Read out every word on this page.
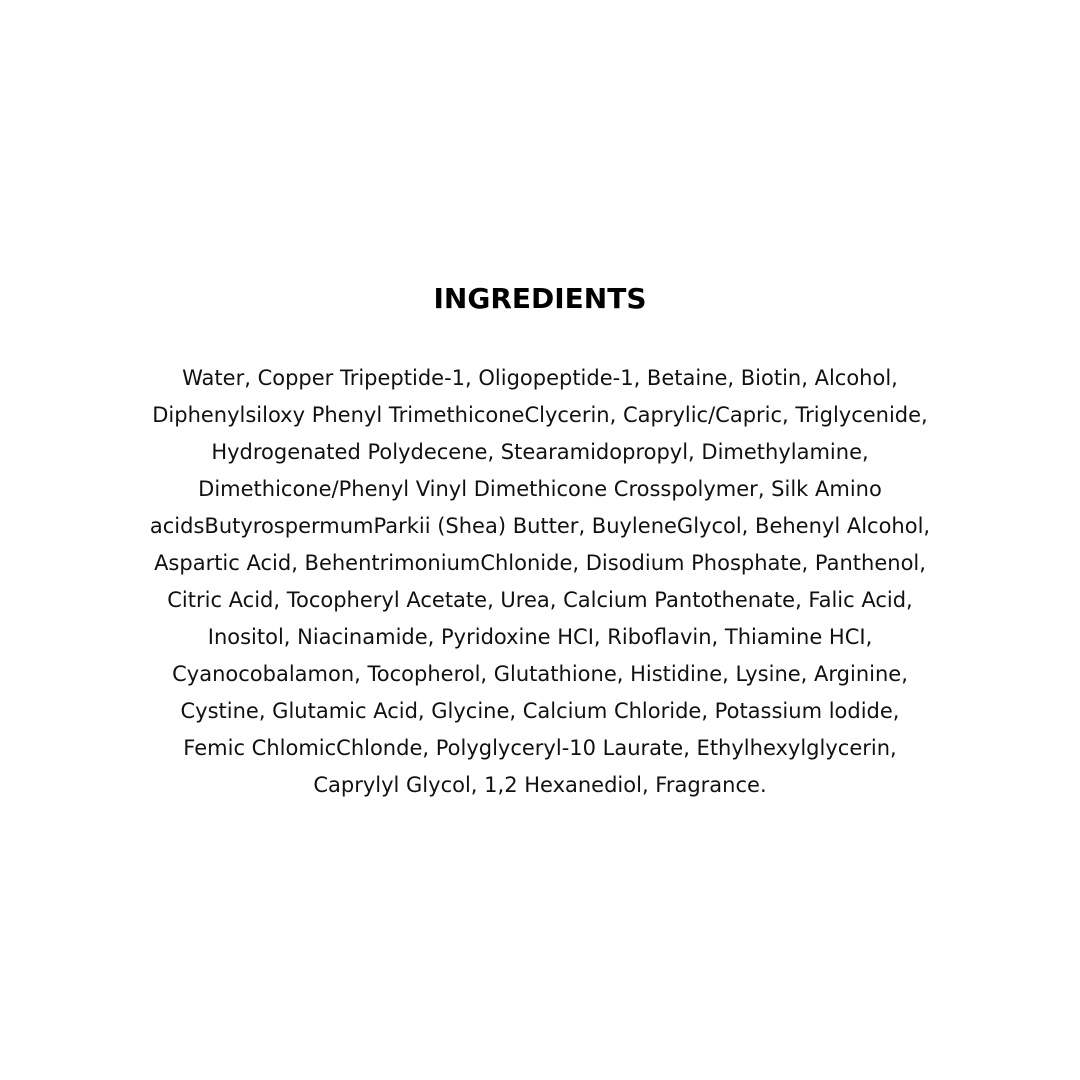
INGREDIENTS
Water, Copper Tripeptide-1, Oligopeptide-1, Betaine, Biotin, Alcohol,
Diphenylsiloxy Phenyl TrimethiconeClycerin, Caprylic/Capric, Triglycenide,
Hydrogenated Polydecene, Stearamidopropyl, Dimethylamine,
Dimethicone/Phenyl Vinyl Dimethicone Crosspolymer, Silk Amino
acidsButyrospermumParkii (Shea) Butter, BuyleneGlycol, Behenyl Alcohol,
Aspartic Acid, BehentrimoniumChlonide, Disodium Phosphate, Panthenol,
Citric Acid, Tocopheryl Acetate, Urea, Calcium Pantothenate, Falic Acid,
Inositol, Niacinamide, Pyridoxine HCI, Riboflavin, Thiamine HCI,
Cyanocobalamon, Tocopherol, Glutathione, Histidine, Lysine, Arginine,
Cystine, Glutamic Acid, Glycine, Calcium Chloride, Potassium lodide,
Femic ChlomicChlonde, Polyglyceryl-10 Laurate, Ethylhexylglycerin,
Caprylyl Glycol, 1,2 Hexanediol, Fragrance.
